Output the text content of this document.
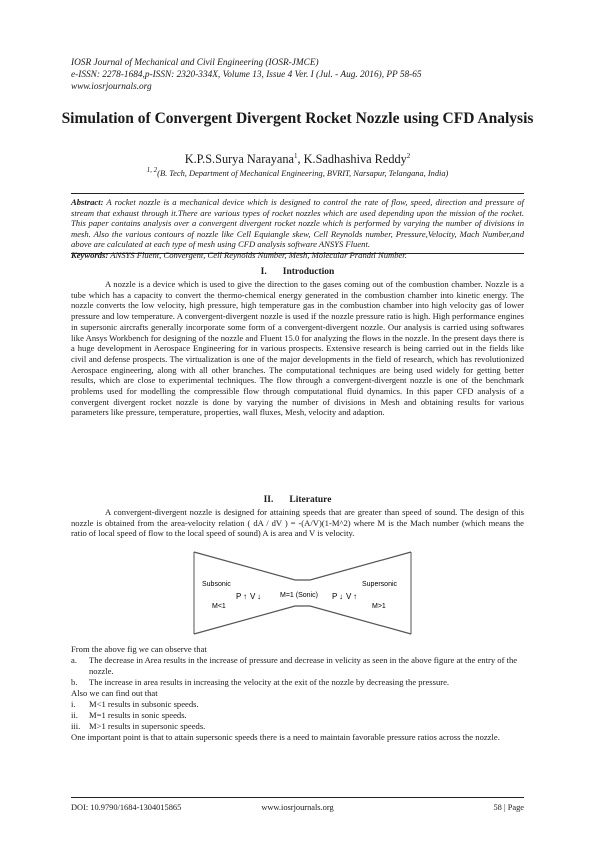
IOSR Journal of Mechanical and Civil Engineering (IOSR-JMCE)
e-ISSN: 2278-1684,p-ISSN: 2320-334X, Volume 13, Issue 4 Ver. I (Jul. - Aug. 2016), PP 58-65
www.iosrjournals.org
Simulation of Convergent Divergent Rocket Nozzle using CFD Analysis
K.P.S.Surya Narayana$^1$, K.Sadhashiva Reddy$^2$
$^{1, 2}$(B. Tech, Department of Mechanical Engineering, BVRIT, Narsapur, Telangana, India)
Abstract: A rocket nozzle is a mechanical device which is designed to control the rate of flow, speed, direction and pressure of stream that exhaust through it.There are various types of rocket nozzles which are used depending upon the mission of the rocket. This paper contains analysis over a convergent divergent rocket nozzle which is performed by varying the number of divisions in mesh. Also the various contours of nozzle like Cell Equiangle skew, Cell Reynolds number, Pressure,Velocity, Mach Number,and above are calculated at each type of mesh using CFD analysis software ANSYS Fluent.
Keywords: ANSYS Fluent, Convergent, Cell Reynolds Number, Mesh, Molecular Prandtl Number.
I. Introduction
A nozzle is a device which is used to give the direction to the gases coming out of the combustion chamber. Nozzle is a tube which has a capacity to convert the thermo-chemical energy generated in the combustion chamber into kinetic energy. The nozzle converts the low velocity, high pressure, high temperature gas in the combustion chamber into high velocity gas of lower pressure and low temperature. A convergent-divergent nozzle is used if the nozzle pressure ratio is high. High performance engines in supersonic aircrafts generally incorporate some form of a convergent-divergent nozzle. Our analysis is carried using softwares like Ansys Workbench for designing of the nozzle and Fluent 15.0 for analyzing the flows in the nozzle. In the present days there is a huge development in Aerospace Engineering for in various prospects. Extensive research is being carried out in the fields like civil and defense prospects. The virtualization is one of the major developments in the field of research, which has revolutionized Aerospace engineering, along with all other branches. The computational techniques are being used widely for getting better results, which are close to experimental techniques. The flow through a convergent-divergent nozzle is one of the benchmark problems used for modelling the compressible flow through computational fluid dynamics. In this paper CFD analysis of a convergent divergent rocket nozzle is done by varying the number of divisions in Mesh and obtaining results for various parameters like pressure, temperature, properties, wall fluxes, Mesh, velocity and adaption.
II. Literature
A convergent-divergent nozzle is designed for attaining speeds that are greater than speed of sound. The design of this nozzle is obtained from the area-velocity relation ( dA / dV ) = -(A/V)(1-M^2) where M is the Mach number (which means the ratio of local speed of flow to the local speed of sound) A is area and V is velocity.
Subsonic
M<1
P ↑ V ↓	M=1 (Sonic) P ↓ V ↑
Supersonic
M>1
From the above fig we can observe that
a. The decrease in Area results in the increase of pressure and decrease in velicity as seen in the above figure at the entry of the nozzle.
b. The increase in area results in increasing the velocity at the exit of the nozzle by decreasing the pressure.
Also we can find out that
i. M<1 results in subsonic speeds.
ii. M=1 results in sonic speeds.
iii. M>1 results in supersonic speeds.
One important point is that to attain supersonic speeds there is a need to maintain favorable pressure ratios across the nozzle.
DOI: 10.9790/1684-1304015865	www.iosrjournals.org	58 | Page
